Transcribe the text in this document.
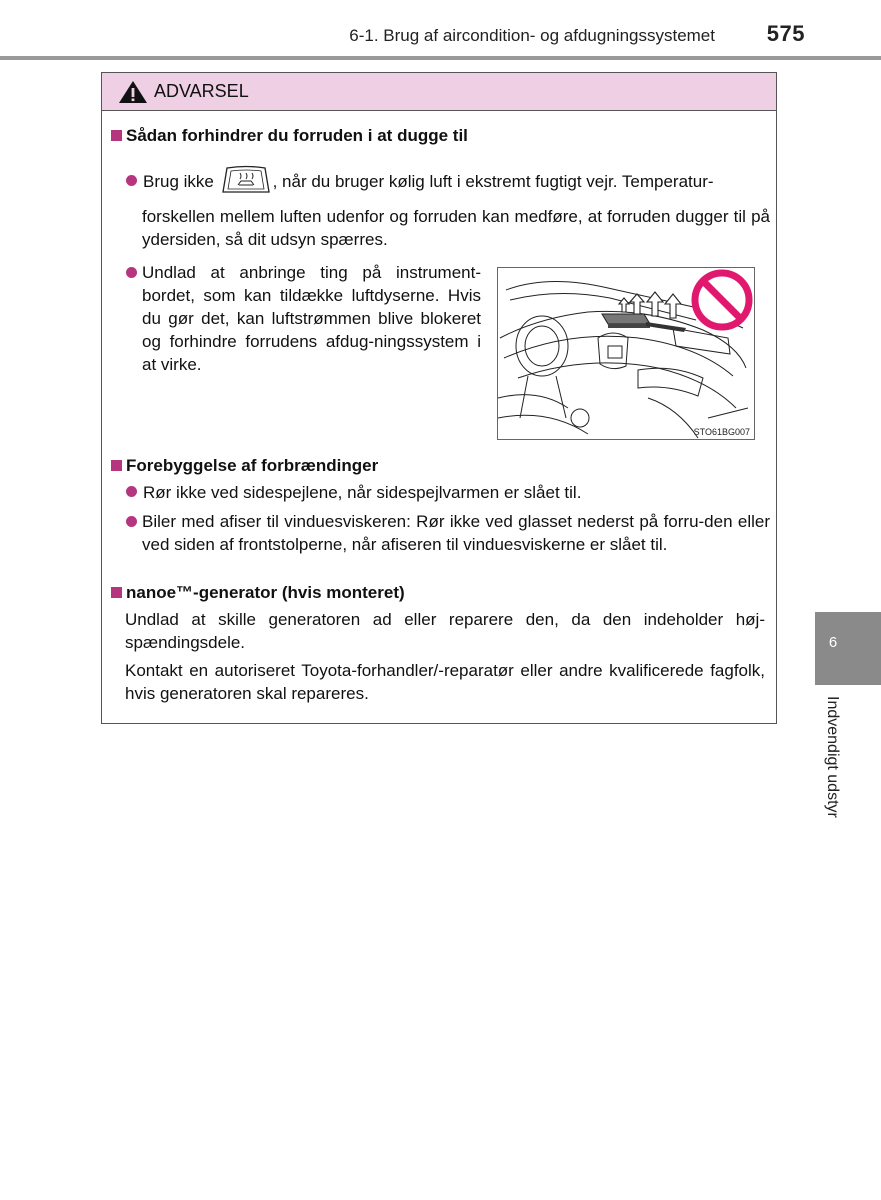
6-1. Brug af aircondition- og afdugningssystemet 575
ADVARSEL
Sådan forhindrer du forruden i at dugge til
Brug ikke	, når du bruger kølig luft i ekstremt fugtigt vejr. Temperatur-
forskellen mellem luften udenfor og forruden kan medføre, at forruden dugger til på ydersiden, så dit udsyn spærres.
Undlad at anbringe ting på instrument-bordet, som kan tildække luftdyserne. Hvis du gør det, kan luftstrømmen blive blokeret og forhindre forrudens afdug-ningssystem i at virke.
STO61BG007
Forebyggelse af forbrændinger
Rør ikke ved sidespejlene, når sidespejlvarmen er slået til.
Biler med afiser til vinduesviskeren: Rør ikke ved glasset nederst på forru-den eller ved siden af frontstolperne, når afiseren til vinduesviskerne er slået til.
nanoe™-generator (hvis monteret)
Undlad at skille generatoren ad eller reparere den, da den indeholder høj-spændingsdele.
Kontakt en autoriseret Toyota-forhandler/-reparatør eller andre kvalificerede fagfolk, hvis generatoren skal repareres.
6
Indvendigt udstyr
